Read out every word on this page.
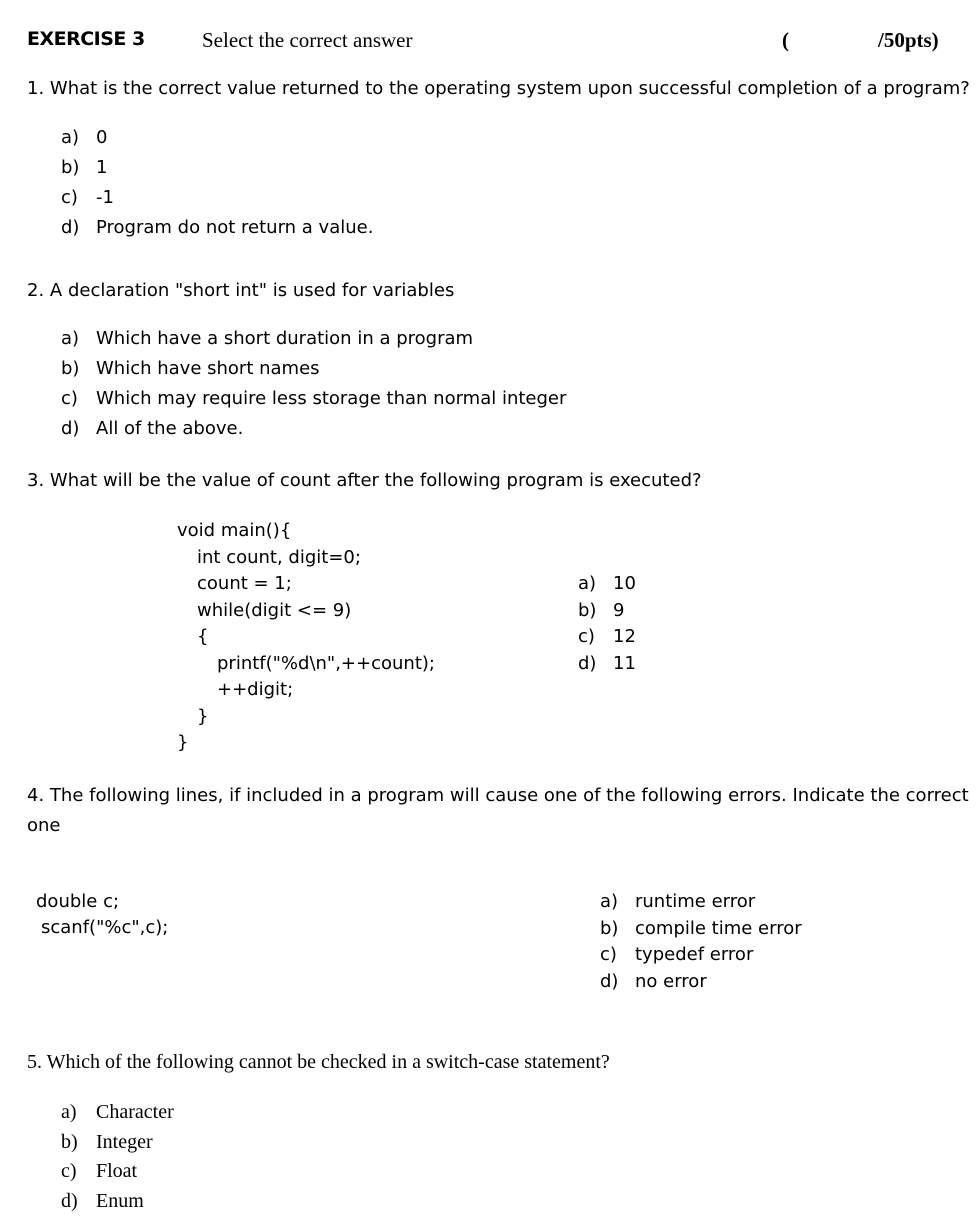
EXERCISE 3	Select the correct answer	(	/50pts)
1. What is the correct value returned to the operating system upon successful completion of a program?
a) 0
b) 1
c) -1
d) Program do not return a value.
2. A declaration "short int" is used for variables
a) Which have a short duration in a program
b) Which have short names
c) Which may require less storage than normal integer
d) All of the above.
3. What will be the value of count after the following program is executed?
void main(){
int count, digit=0;
count = 1;
while(digit <= 9)
{
printf("%d\n",++count);
++digit;
}
}
a) 10
b) 9
c) 12
d) 11
4. The following lines, if included in a program will cause one of the following errors. Indicate the correct
one
double c;
scanf("%c",c);
a) runtime error
b) compile time error
c) typedef error
d) no error
5. Which of the following cannot be checked in a switch-case statement?
a) Character
b) Integer
c) Float
d) Enum
